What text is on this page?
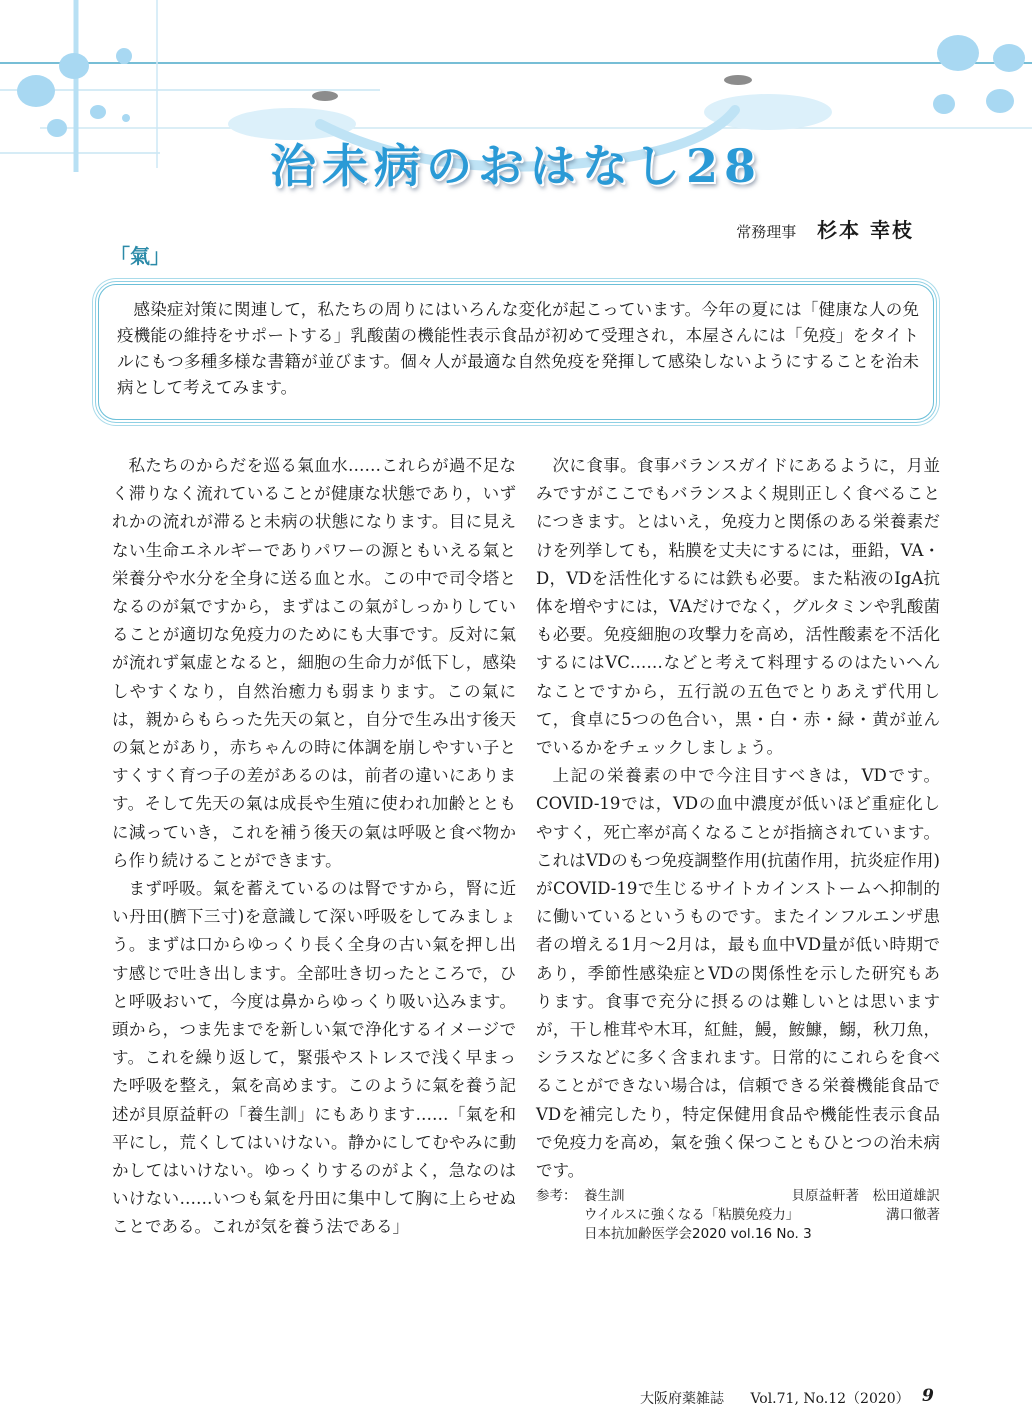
治未病のおはなし28
常務理事 杉本 幸枝
「氣」

感染症対策に関連して，私たちの周りにはいろんな変化が起こっています。今年の夏には「健康な人の免疫機能の維持をサポートする」乳酸菌の機能性表示食品が初めて受理され，本屋さんには「免疫」をタイトルにもつ多種多様な書籍が並びます。個々人が最適な自然免疫を発揮して感染しないようにすることを治未病として考えてみます。

私たちのからだを巡る氣血水……これらが過不足なく滞りなく流れていることが健康な状態であり，いずれかの流れが滞ると未病の状態になります。目に見えない生命エネルギーでありパワーの源ともいえる氣と栄養分や水分を全身に送る血と水。この中で司令塔となるのが氣ですから，まずはこの氣がしっかりしていることが適切な免疫力のためにも大事です。反対に氣が流れず氣虚となると，細胞の生命力が低下し，感染しやすくなり，自然治癒力も弱まります。この氣には，親からもらった先天の氣と，自分で生み出す後天の氣とがあり，赤ちゃんの時に体調を崩しやすい子とすくすく育つ子の差があるのは，前者の違いにあります。そして先天の氣は成長や生殖に使われ加齢とともに減っていき，これを補う後天の氣は呼吸と食べ物から作り続けることができます。

まず呼吸。氣を蓄えているのは腎ですから，腎に近い丹田(臍下三寸)を意識して深い呼吸をしてみましょう。まずは口からゆっくり長く全身の古い氣を押し出す感じで吐き出します。全部吐き切ったところで，ひと呼吸おいて，今度は鼻からゆっくり吸い込みます。頭から，つま先までを新しい氣で浄化するイメージです。これを繰り返して，緊張やストレスで浅く早まった呼吸を整え，氣を高めます。このように氣を養う記述が貝原益軒の「養生訓」にもあります……「氣を和平にし，荒くしてはいけない。静かにしてむやみに動かしてはいけない。ゆっくりするのがよく，急なのはいけない……いつも氣を丹田に集中して胸に上らせぬことである。これが気を養う法である」

次に食事。食事バランスガイドにあるように，月並みですがここでもバランスよく規則正しく食べることにつきます。とはいえ，免疫力と関係のある栄養素だけを列挙しても，粘膜を丈夫にするには，亜鉛，VA・D，VDを活性化するには鉄も必要。また粘液のIgA抗体を増やすには，VAだけでなく，グルタミンや乳酸菌も必要。免疫細胞の攻撃力を高め，活性酸素を不活化するにはVC……などと考えて料理するのはたいへんなことですから，五行説の五色でとりあえず代用して，食卓に5つの色合い，黒・白・赤・緑・黄が並んでいるかをチェックしましょう。

上記の栄養素の中で今注目すべきは，VDです。COVID-19では，VDの血中濃度が低いほど重症化しやすく，死亡率が高くなることが指摘されています。これはVDのもつ免疫調整作用(抗菌作用，抗炎症作用)がCOVID-19で生じるサイトカインストームへ抑制的に働いているというものです。またインフルエンザ患者の増える1月～2月は，最も血中VD量が低い時期であり，季節性感染症とVDの関係性を示した研究もあります。食事で充分に摂るのは難しいとは思いますが，干し椎茸や木耳，紅鮭，鰻，鮟鱇，鰯，秋刀魚，シラスなどに多く含まれます。日常的にこれらを食べることができない場合は，信頼できる栄養機能食品でVDを補完したり，特定保健用食品や機能性表示食品で免疫力を高め，氣を強く保つこともひとつの治未病です。

参考： 養生訓	貝原益軒著　松田道雄訳
ウイルスに強くなる「粘膜免疫力」	溝口徹著
日本抗加齢医学会2020 vol.16 No. 3
大阪府薬雑誌 Vol.71, No.12（2020） 9
